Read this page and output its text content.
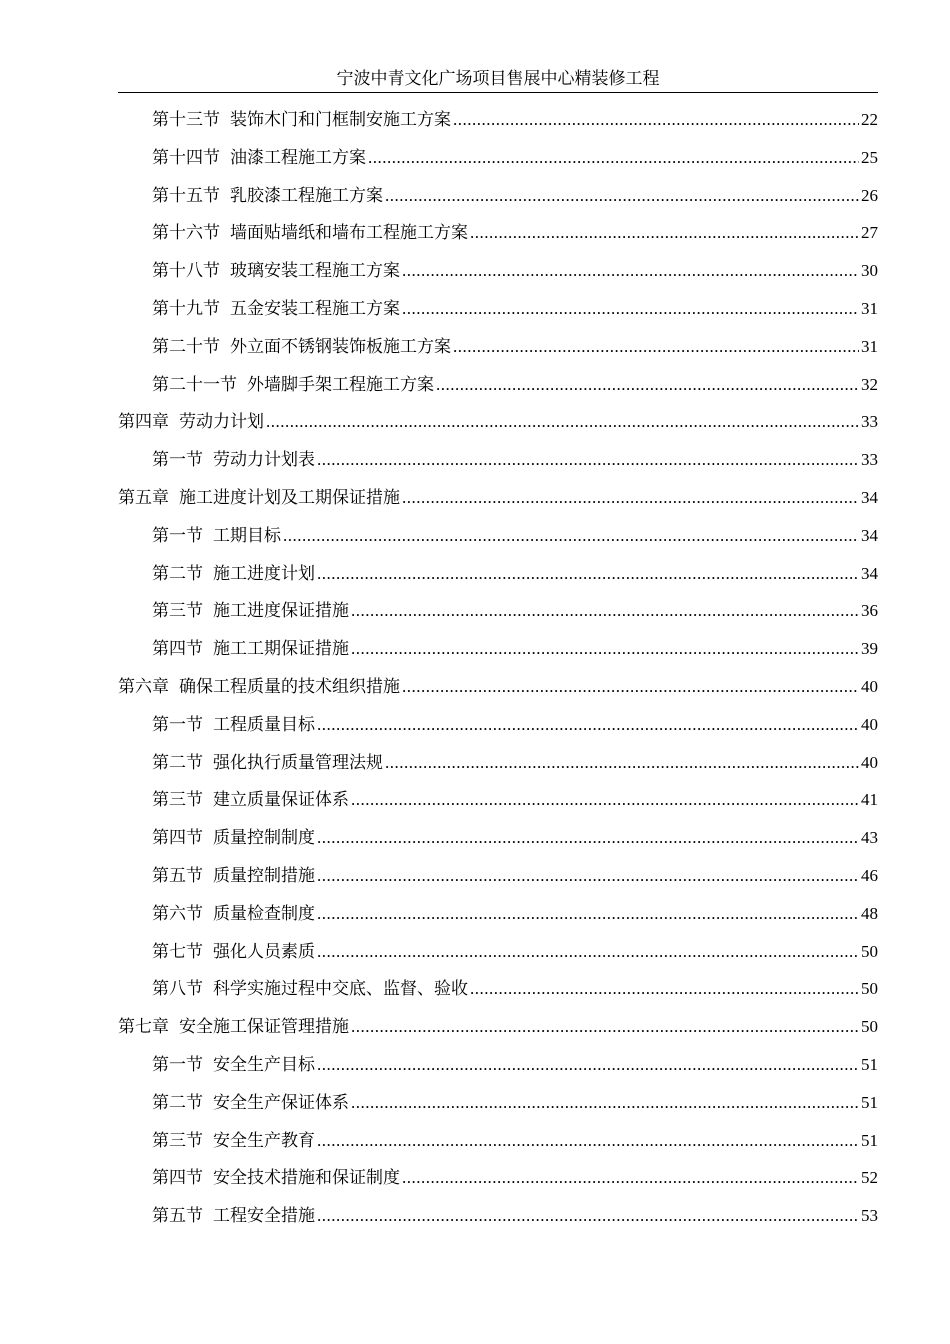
宁波中青文化广场项目售展中心精装修工程
第十三节 装饰木门和门框制安施工方案 .....	22
第十四节 油漆工程施工方案 .....	25
第十五节 乳胶漆工程施工方案 .....	26
第十六节 墙面贴墙纸和墙布工程施工方案 .....	27
第十八节 玻璃安装工程施工方案 .....	30
第十九节 五金安装工程施工方案 .....	31
第二十节 外立面不锈钢装饰板施工方案 .....	31
第二十一节 外墙脚手架工程施工方案 .....	32
第四章 劳动力计划 .....	33
第一节 劳动力计划表 .....	33
第五章 施工进度计划及工期保证措施 .....	34
第一节 工期目标 .....	34
第二节 施工进度计划 .....	34
第三节 施工进度保证措施 .....	36
第四节 施工工期保证措施 .....	39
第六章 确保工程质量的技术组织措施 .....	40
第一节 工程质量目标 .....	40
第二节 强化执行质量管理法规 .....	40
第三节 建立质量保证体系 .....	41
第四节 质量控制制度 .....	43
第五节 质量控制措施 .....	46
第六节 质量检查制度 .....	48
第七节 强化人员素质 .....	50
第八节 科学实施过程中交底、监督、验收 .....	50
第七章 安全施工保证管理措施 .....	50
第一节 安全生产目标 .....	51
第二节 安全生产保证体系 .....	51
第三节 安全生产教育 .....	51
第四节 安全技术措施和保证制度 .....	52
第五节 工程安全措施 .....	53
